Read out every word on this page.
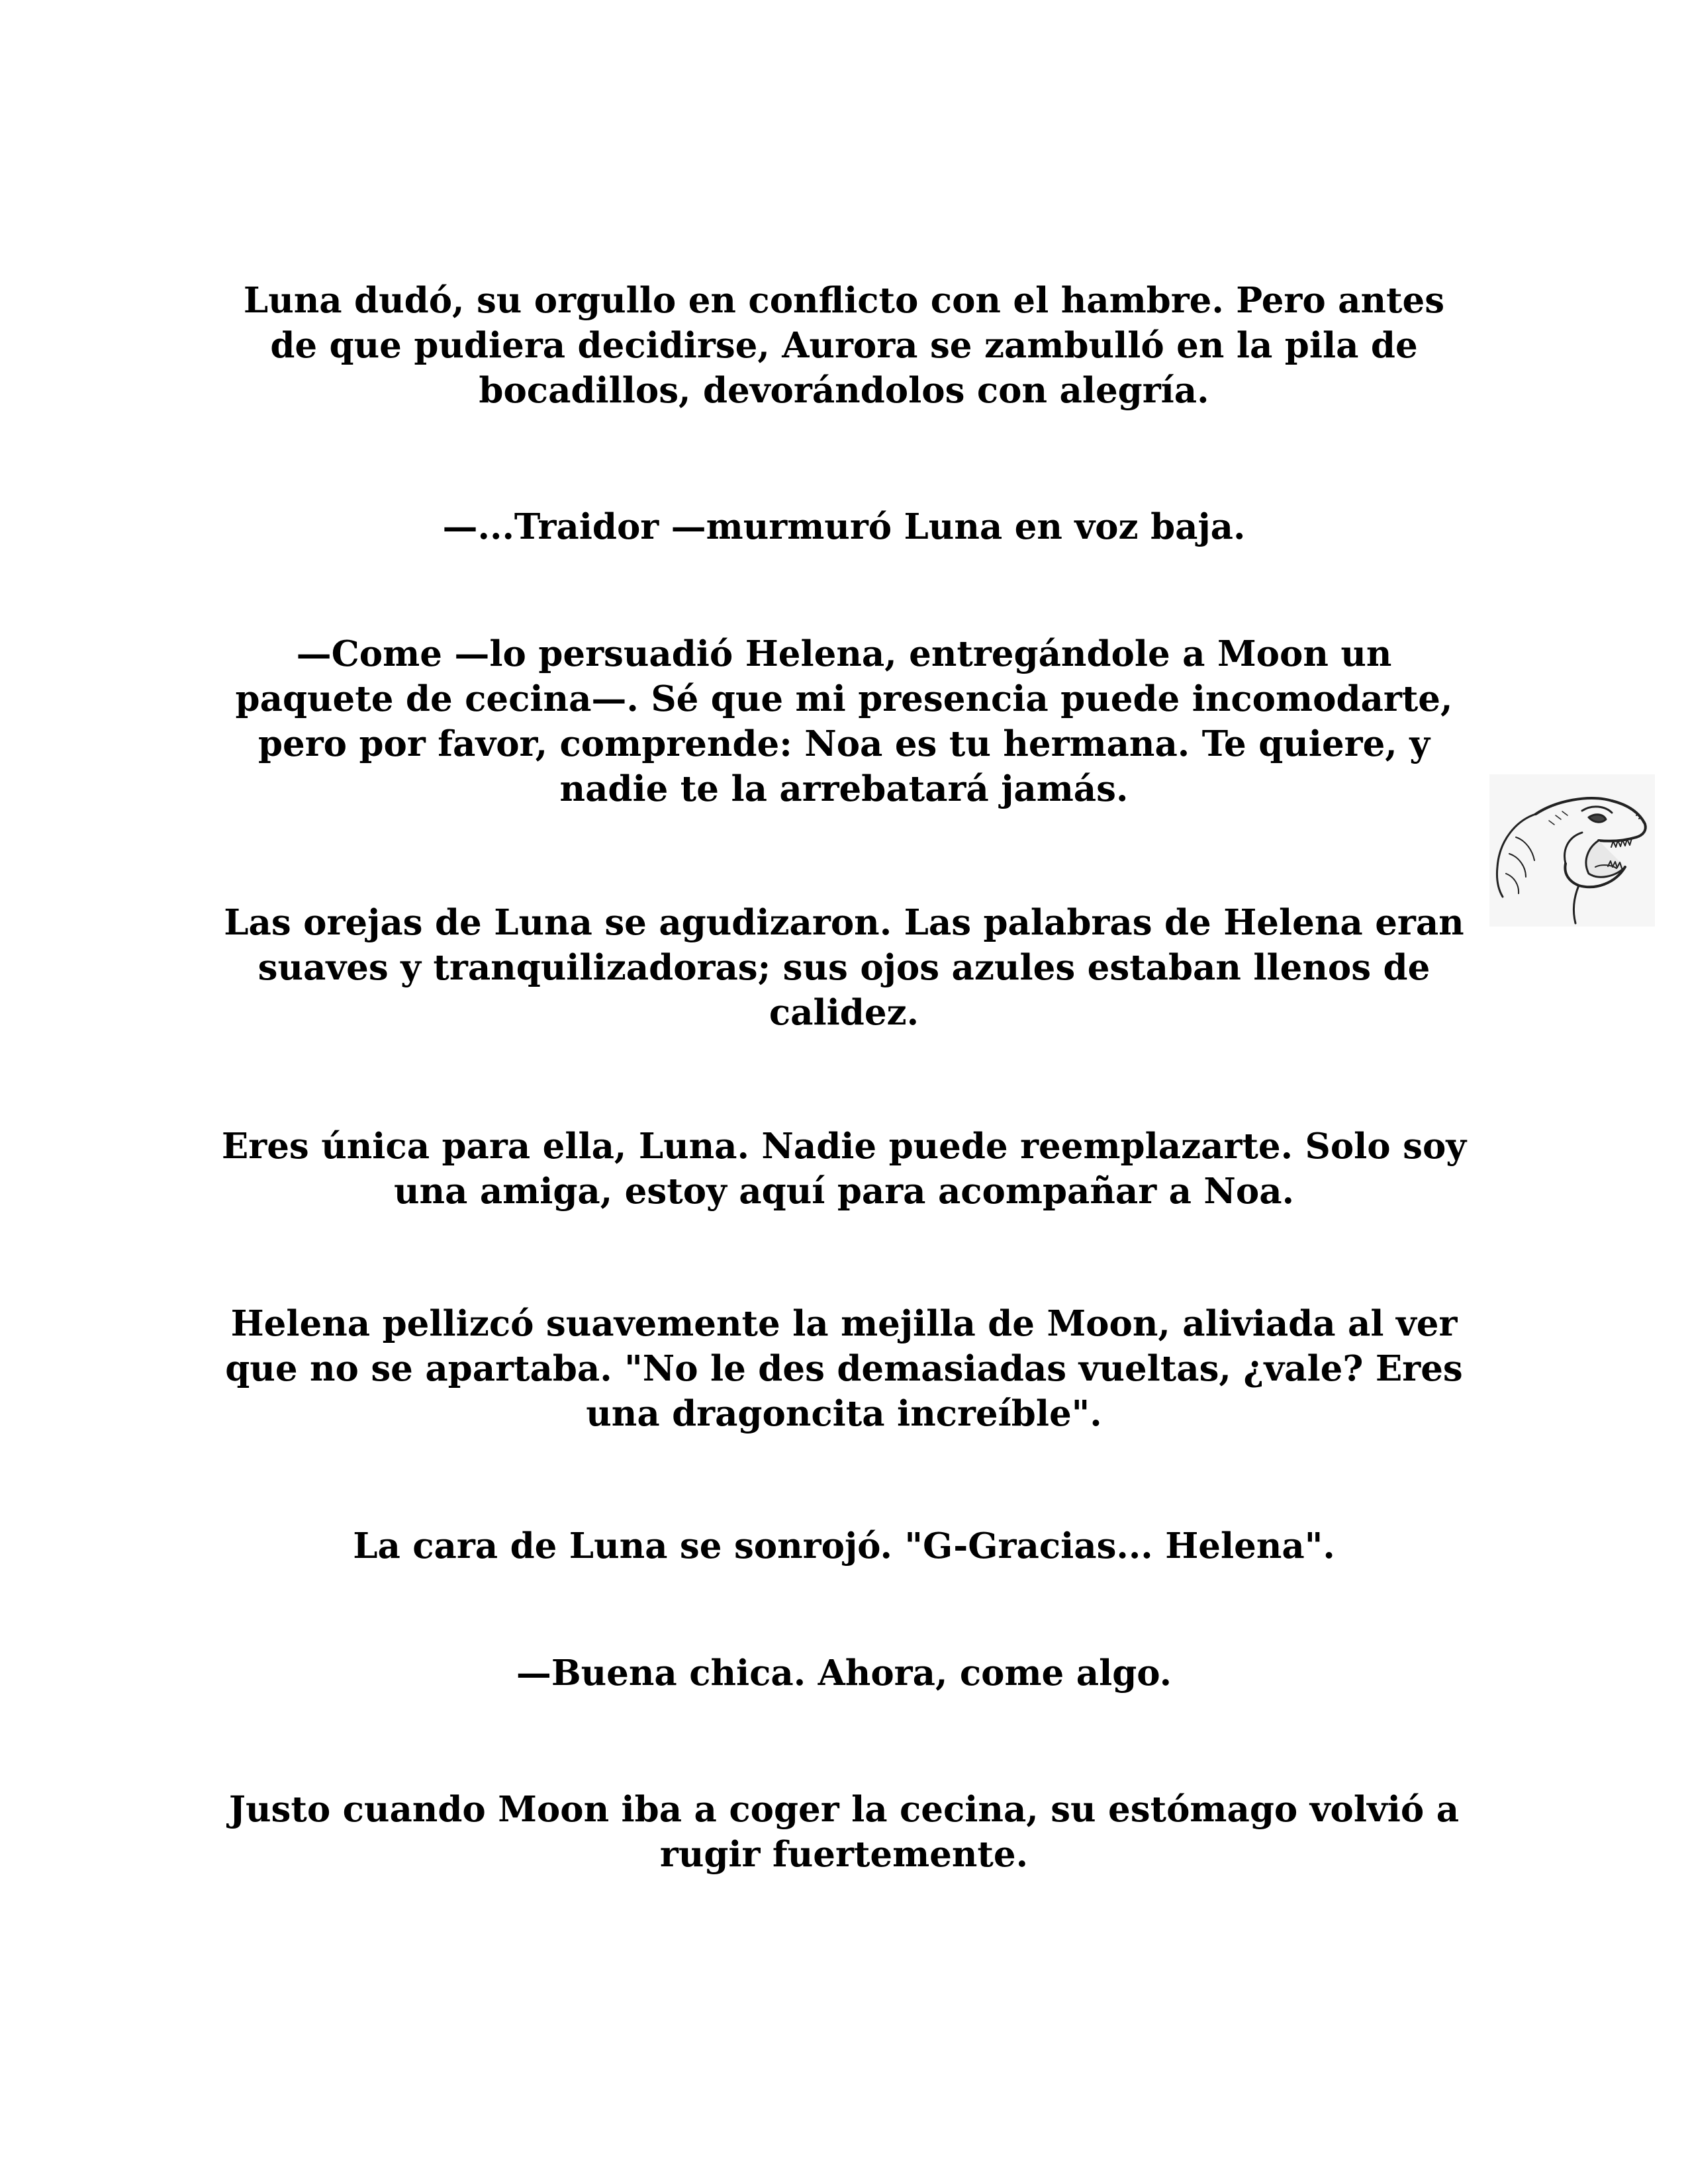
Luna dudó, su orgullo en conflicto con el hambre. Pero antes de que pudiera decidirse, Aurora se zambulló en la pila de bocadillos, devorándolos con alegría.

—...Traidor —murmuró Luna en voz baja.

—Come —lo persuadió Helena, entregándole a Moon un paquete de cecina—. Sé que mi presencia puede incomodarte, pero por favor, comprende: Noa es tu hermana. Te quiere, y nadie te la arrebatará jamás.

Las orejas de Luna se agudizaron. Las palabras de Helena eran suaves y tranquilizadoras; sus ojos azules estaban llenos de calidez.

Eres única para ella, Luna. Nadie puede reemplazarte. Solo soy una amiga, estoy aquí para acompañar a Noa.

Helena pellizcó suavemente la mejilla de Moon, aliviada al ver que no se apartaba. "No le des demasiadas vueltas, ¿vale? Eres una dragoncita increíble".

La cara de Luna se sonrojó. "G-Gracias... Helena".

—Buena chica. Ahora, come algo.

Justo cuando Moon iba a coger la cecina, su estómago volvió a rugir fuertemente.
